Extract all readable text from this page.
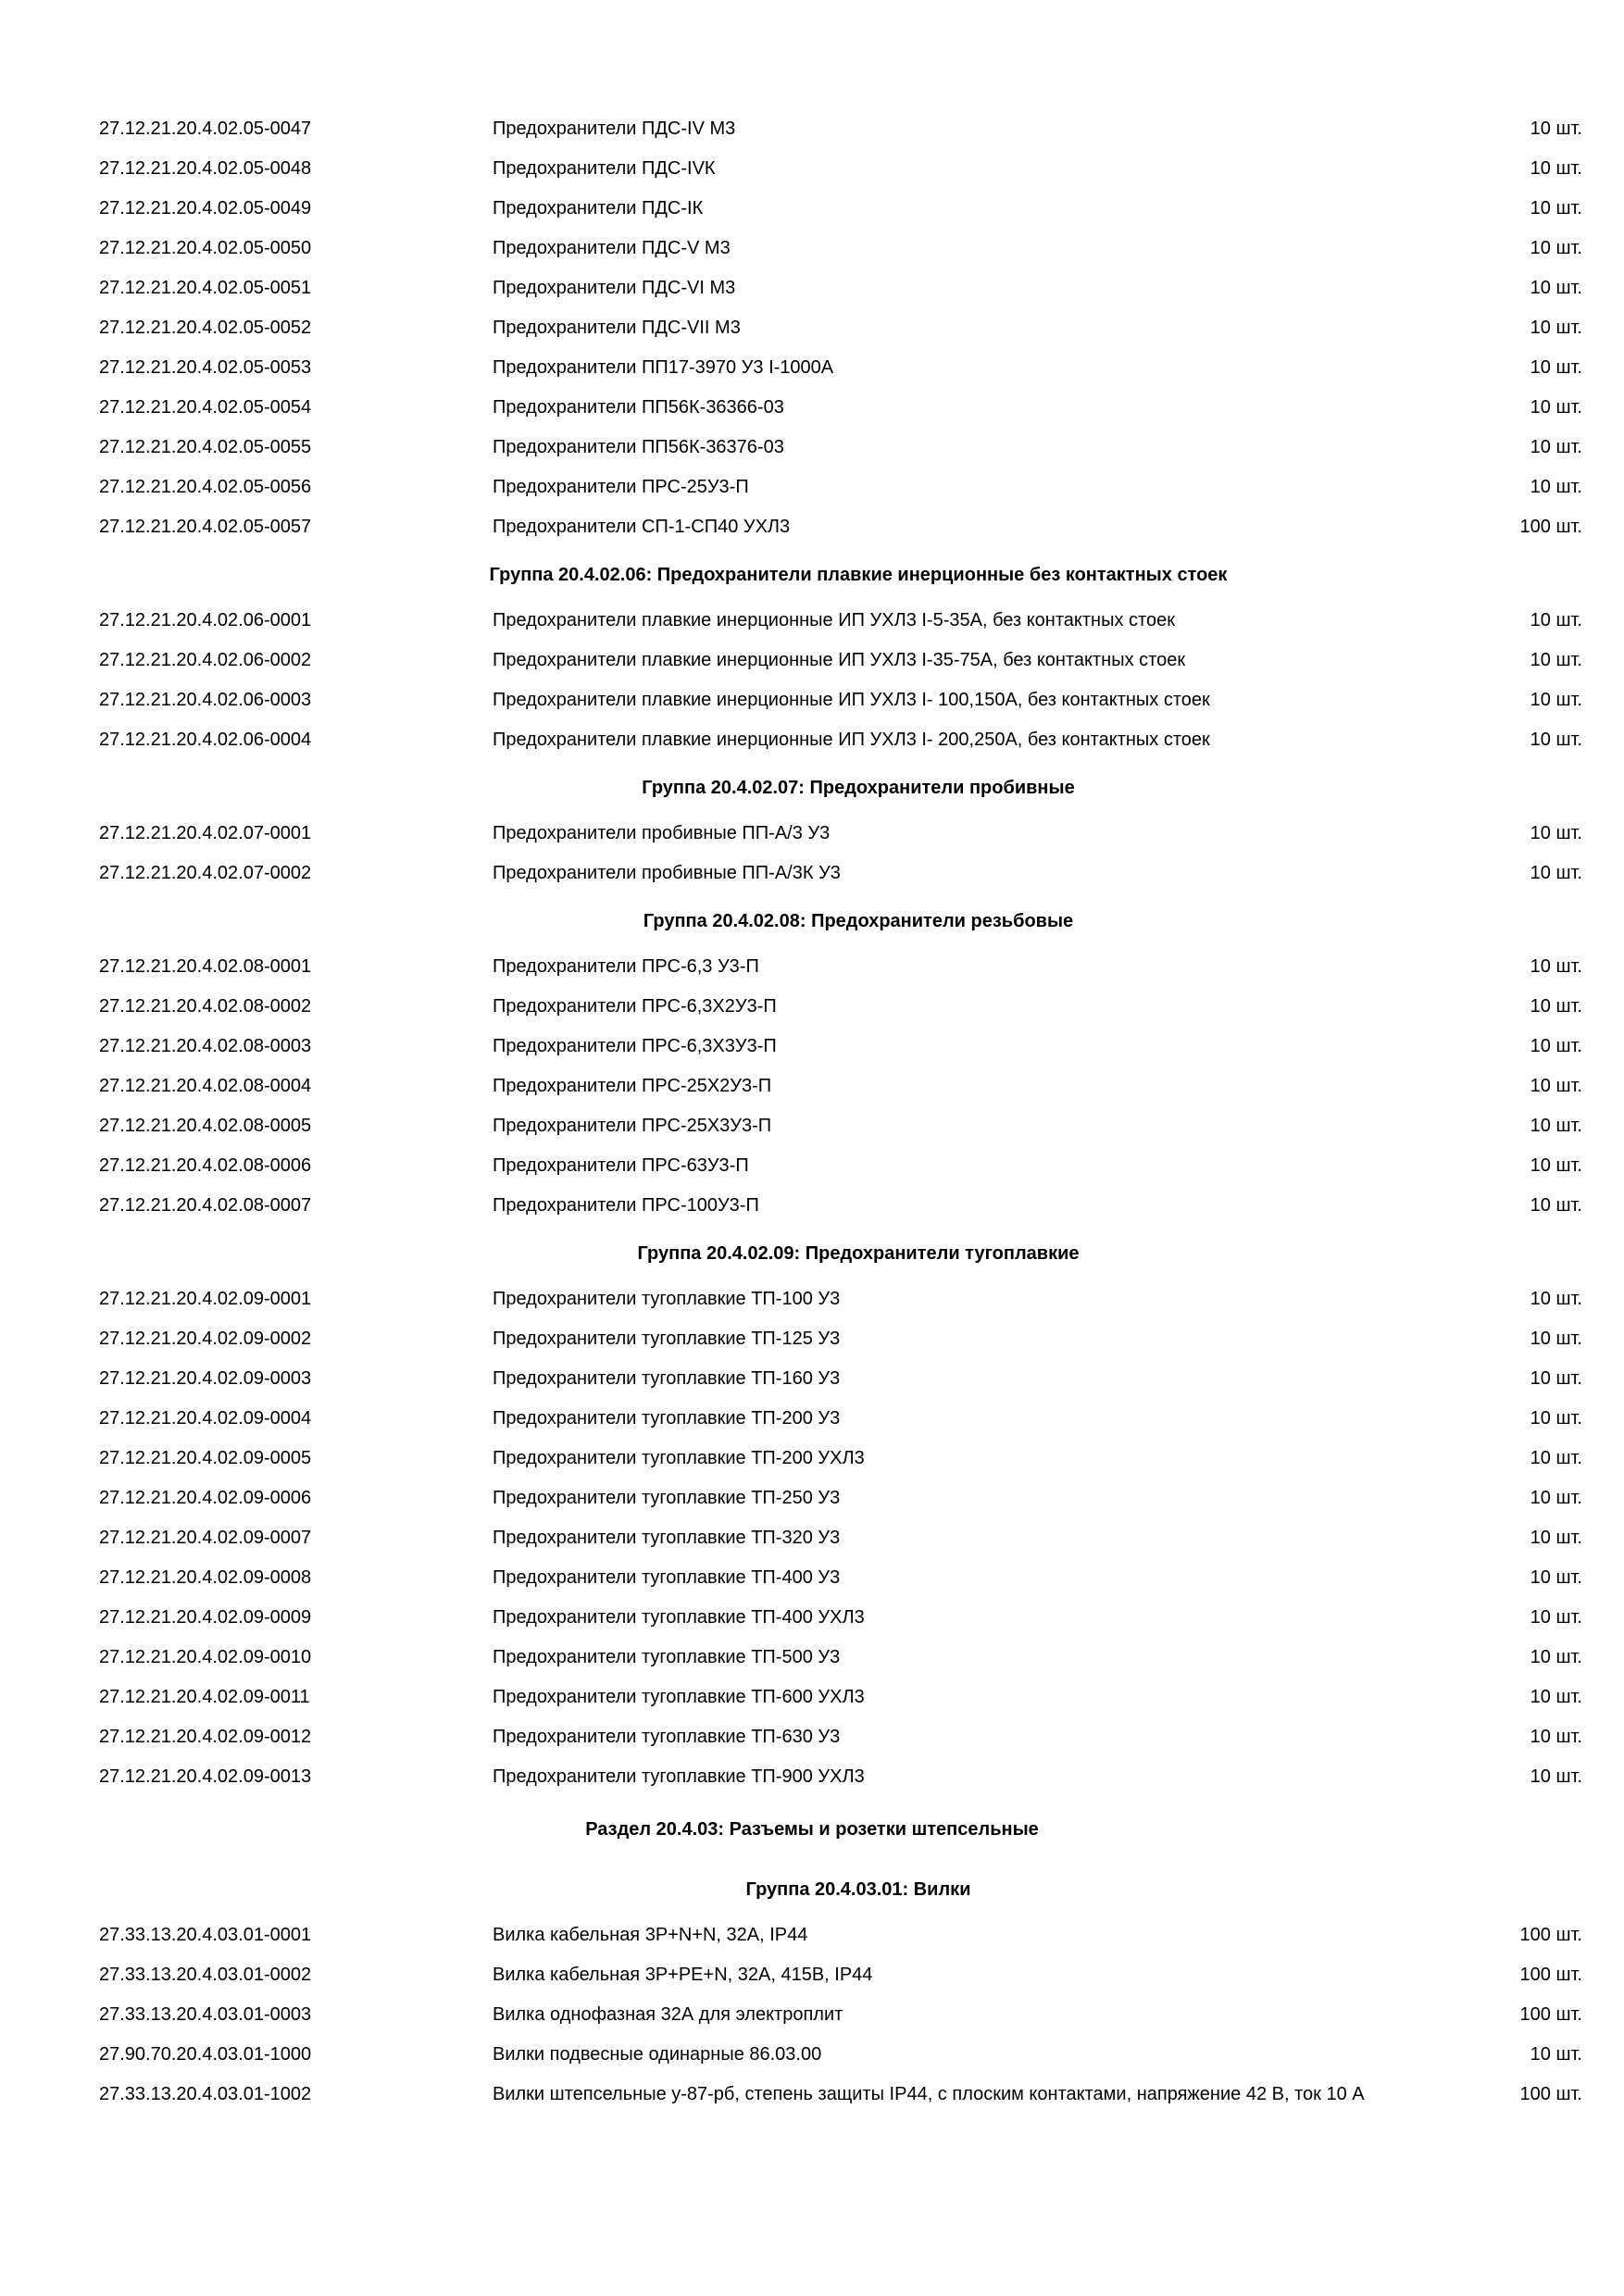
27.12.21.20.4.02.05-0047	Предохранители ПДС-IV М3	10 шт.
27.12.21.20.4.02.05-0048	Предохранители ПДС-IVК	10 шт.
27.12.21.20.4.02.05-0049	Предохранители ПДС-IК	10 шт.
27.12.21.20.4.02.05-0050	Предохранители ПДС-V М3	10 шт.
27.12.21.20.4.02.05-0051	Предохранители ПДС-VI М3	10 шт.
27.12.21.20.4.02.05-0052	Предохранители ПДС-VII М3	10 шт.
27.12.21.20.4.02.05-0053	Предохранители ПП17-3970 У3 I-1000А	10 шт.
27.12.21.20.4.02.05-0054	Предохранители ПП56К-36366-03	10 шт.
27.12.21.20.4.02.05-0055	Предохранители ПП56К-36376-03	10 шт.
27.12.21.20.4.02.05-0056	Предохранители ПРС-25У3-П	10 шт.
27.12.21.20.4.02.05-0057	Предохранители СП-1-СП40 УХЛ3	100 шт.
Группа 20.4.02.06: Предохранители плавкие инерционные без контактных стоек
27.12.21.20.4.02.06-0001	Предохранители плавкие инерционные ИП УХЛ3 I-5-35А, без контактных стоек	10 шт.
27.12.21.20.4.02.06-0002	Предохранители плавкие инерционные ИП УХЛ3 I-35-75А, без контактных стоек	10 шт.
27.12.21.20.4.02.06-0003	Предохранители плавкие инерционные ИП УХЛ3 I- 100,150А, без контактных стоек	10 шт.
27.12.21.20.4.02.06-0004	Предохранители плавкие инерционные ИП УХЛ3 I- 200,250А, без контактных стоек	10 шт.
Группа 20.4.02.07: Предохранители пробивные
27.12.21.20.4.02.07-0001	Предохранители пробивные ПП-А/3 У3	10 шт.
27.12.21.20.4.02.07-0002	Предохранители пробивные ПП-А/3К У3	10 шт.
Группа 20.4.02.08: Предохранители резьбовые
27.12.21.20.4.02.08-0001	Предохранители ПРС-6,3 У3-П	10 шт.
27.12.21.20.4.02.08-0002	Предохранители ПРС-6,3Х2У3-П	10 шт.
27.12.21.20.4.02.08-0003	Предохранители ПРС-6,3Х3У3-П	10 шт.
27.12.21.20.4.02.08-0004	Предохранители ПРС-25Х2У3-П	10 шт.
27.12.21.20.4.02.08-0005	Предохранители ПРС-25Х3У3-П	10 шт.
27.12.21.20.4.02.08-0006	Предохранители ПРС-63У3-П	10 шт.
27.12.21.20.4.02.08-0007	Предохранители ПРС-100У3-П	10 шт.
Группа 20.4.02.09: Предохранители тугоплавкие
27.12.21.20.4.02.09-0001	Предохранители тугоплавкие ТП-100 У3	10 шт.
27.12.21.20.4.02.09-0002	Предохранители тугоплавкие ТП-125 У3	10 шт.
27.12.21.20.4.02.09-0003	Предохранители тугоплавкие ТП-160 У3	10 шт.
27.12.21.20.4.02.09-0004	Предохранители тугоплавкие ТП-200 У3	10 шт.
27.12.21.20.4.02.09-0005	Предохранители тугоплавкие ТП-200 УХЛ3	10 шт.
27.12.21.20.4.02.09-0006	Предохранители тугоплавкие ТП-250 У3	10 шт.
27.12.21.20.4.02.09-0007	Предохранители тугоплавкие ТП-320 У3	10 шт.
27.12.21.20.4.02.09-0008	Предохранители тугоплавкие ТП-400 У3	10 шт.
27.12.21.20.4.02.09-0009	Предохранители тугоплавкие ТП-400 УХЛ3	10 шт.
27.12.21.20.4.02.09-0010	Предохранители тугоплавкие ТП-500 У3	10 шт.
27.12.21.20.4.02.09-0011	Предохранители тугоплавкие ТП-600 УХЛ3	10 шт.
27.12.21.20.4.02.09-0012	Предохранители тугоплавкие ТП-630 У3	10 шт.
27.12.21.20.4.02.09-0013	Предохранители тугоплавкие ТП-900 УХЛ3	10 шт.
Раздел 20.4.03: Разъемы и розетки штепсельные
Группа 20.4.03.01: Вилки
27.33.13.20.4.03.01-0001	Вилка кабельная 3P+N+N, 32А, IP44	100 шт.
27.33.13.20.4.03.01-0002	Вилка кабельная 3P+PE+N, 32А, 415В, IP44	100 шт.
27.33.13.20.4.03.01-0003	Вилка однофазная 32А для электроплит	100 шт.
27.90.70.20.4.03.01-1000	Вилки подвесные одинарные 86.03.00	10 шт.
27.33.13.20.4.03.01-1002	Вилки штепсельные у-87-рб, степень защиты IP44, с плоским контактами, напряжение 42 В, ток 10 А	100 шт.
